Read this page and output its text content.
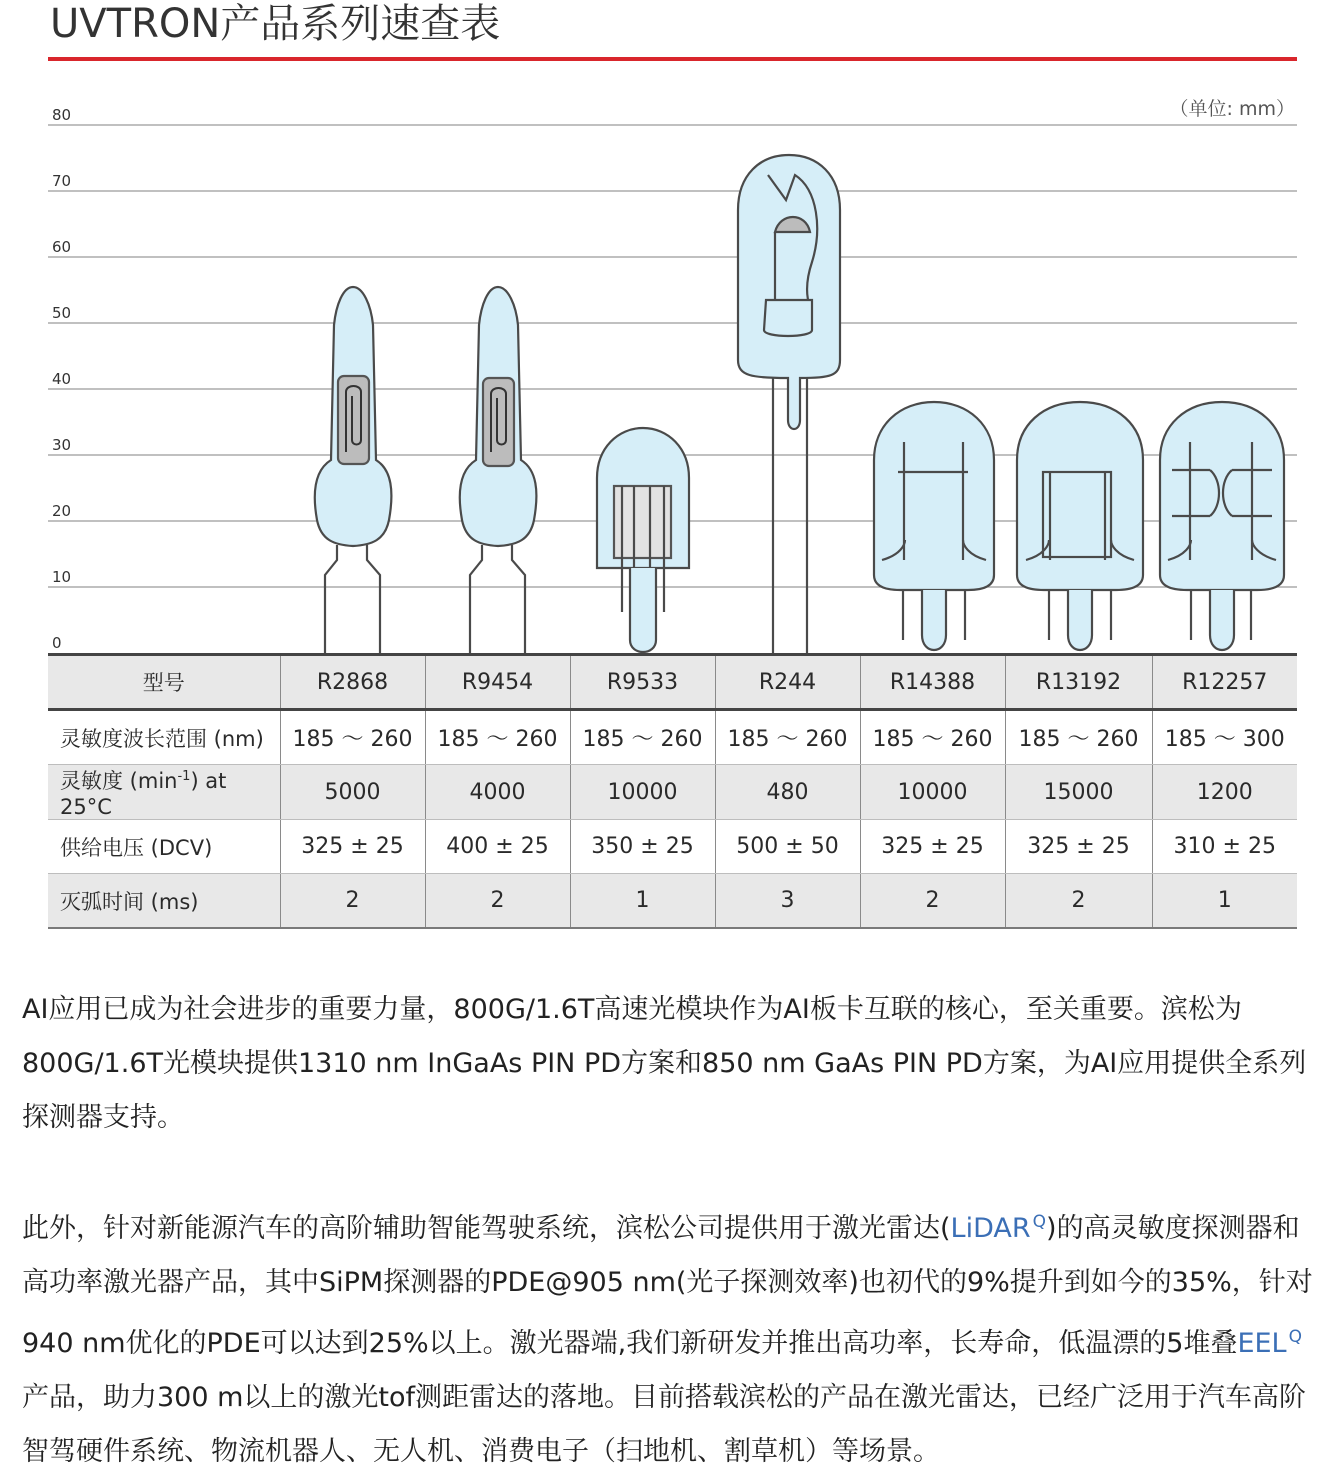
UVTRON产品系列速查表
80
70
60
50
40
30
20
10
0
（单位: mm）
型号	R2868	R9454	R9533	R244	R14388	R13192	R12257
灵敏度波长范围 (nm)	185 ～ 260	185 ～ 260	185 ～ 260	185 ～ 260	185 ～ 260	185 ～ 260	185 ～ 300
灵敏度 $(\min^{-1})$ at 25°C	5000	4000	10000	480	10000	15000	1200
供给电压 (DCV)	325 ± 25	400 ± 25	350 ± 25	500 ± 50	325 ± 25	325 ± 25	310 ± 25
灭弧时间 (ms)	2	2	1	3	2	2	1

AI应用已成为社会进步的重要力量，800G/1.6T高速光模块作为AI板卡互联的核心，至关重要。滨松为800G/1.6T光模块提供1310 nm InGaAs PIN PD方案和850 nm GaAs PIN PD方案，为AI应用提供全系列探测器支持。

此外，针对新能源汽车的高阶辅助智能驾驶系统，滨松公司提供用于激光雷达(LiDAR $^Q$)的高灵敏度探测器和高功率激光器产品，其中SiPM探测器的PDE@905 nm(光子探测效率)也初代的9%提升到如今的35%，针对940 nm优化的PDE可以达到25%以上。激光器端,我们新研发并推出高功率，长寿命，低温漂的5堆叠EEL $^Q$产品，助力300 m以上的激光tof测距雷达的落地。目前搭载滨松的产品在激光雷达，已经广泛用于汽车高阶智驾硬件系统、物流机器人、无人机、消费电子（扫地机、割草机）等场景。
